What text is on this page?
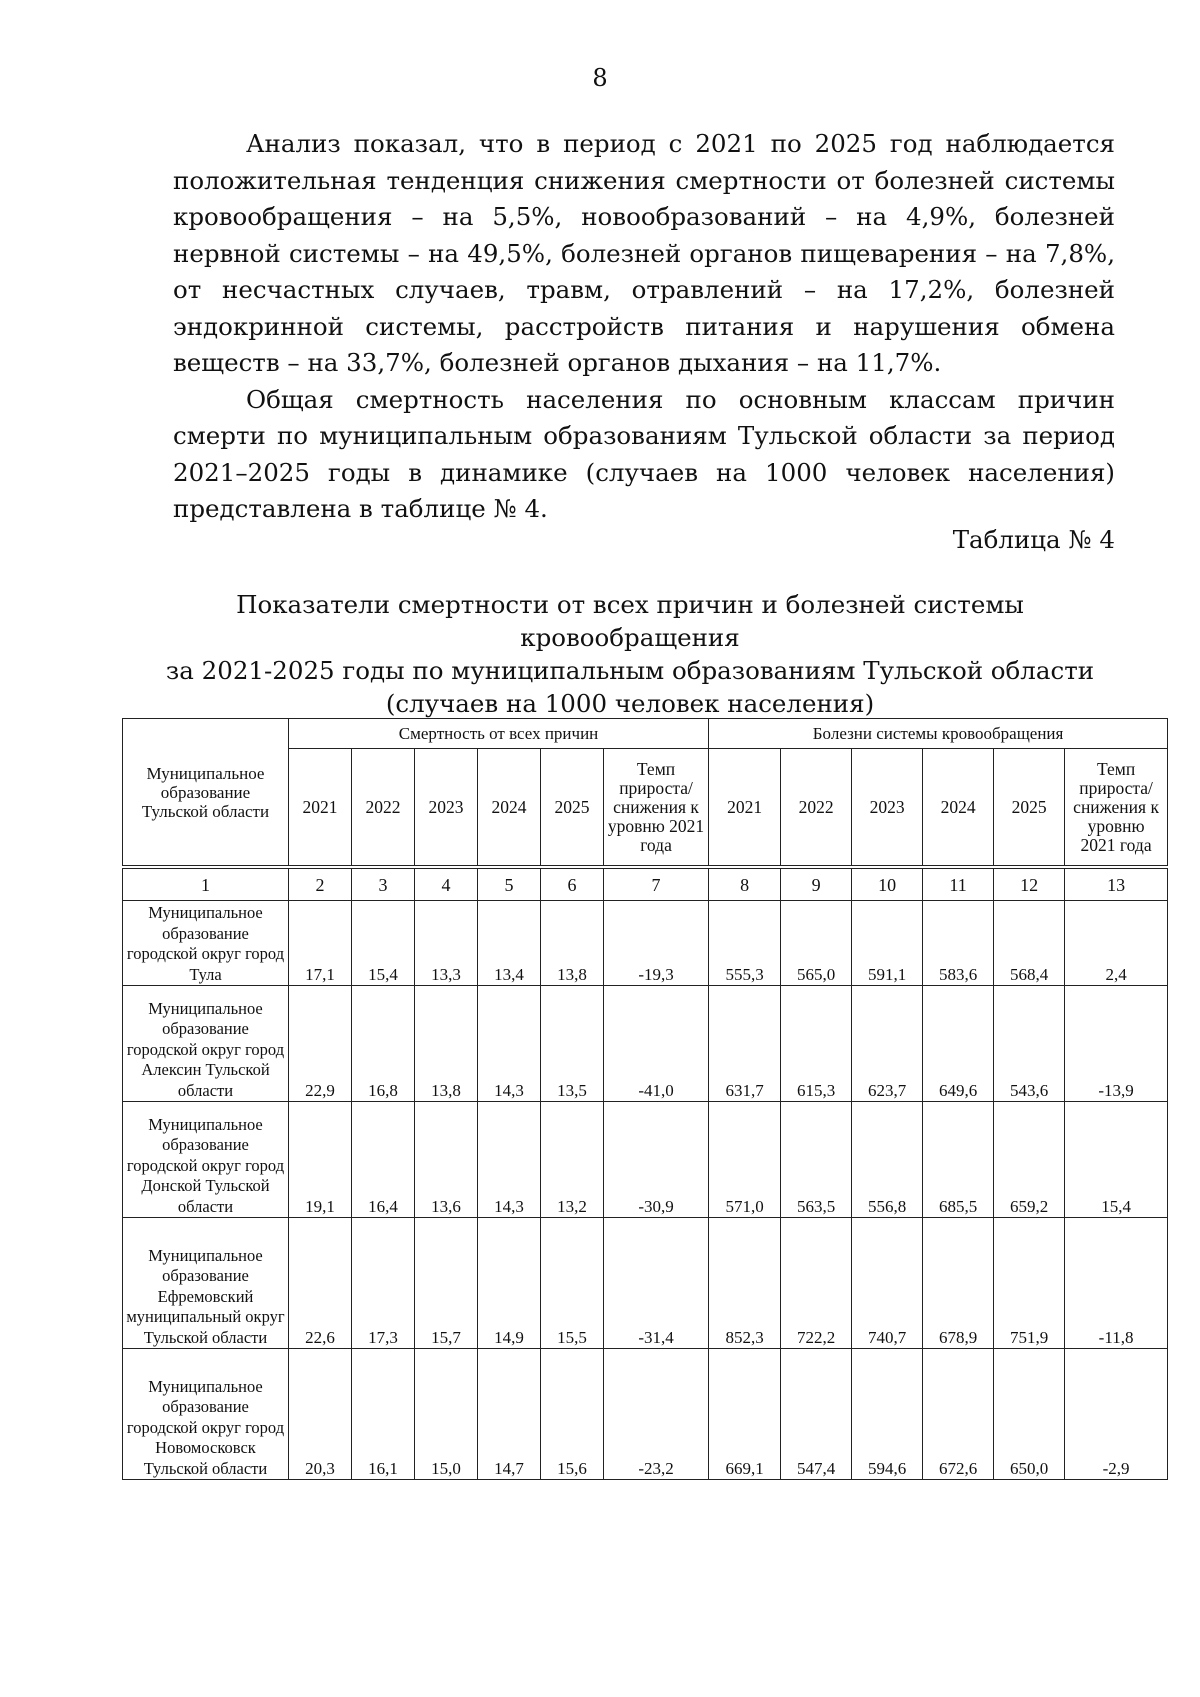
8

Анализ показал, что в период с 2021 по 2025 год наблюдается положительная тенденция снижения смертности от болезней системы кровообращения – на 5,5%, новообразований – на 4,9%, болезней нервной системы – на 49,5%, болезней органов пищеварения – на 7,8%, от несчастных случаев, травм, отравлений – на 17,2%, болезней эндокринной системы, расстройств питания и нарушения обмена веществ – на 33,7%, болезней органов дыхания – на 11,7%.

Общая смертность населения по основным классам причин смерти по муниципальным образованиям Тульской области за период 2021–2025 годы в динамике (случаев на 1000 человек населения) представлена в таблице № 4.

Таблица № 4
Показатели смертности от всех причин и болезней системы кровообращения
за 2021-2025 годы по муниципальным образованиям Тульской области
(случаев на 1000 человек населения)
Муниципальное образование Тульской области	Смертность от всех причин						Болезни системы кровообращения					
	2021	2022	2023	2024	2025	Темп прироста/ снижения к уровню 2021 года	2021	2022	2023	2024	2025	Темп прироста/ снижения к уровню 2021 года
1	2	3	4	5	6	7	8	9	10	11	12	13
Муниципальное образование городской округ город Тула	17,1	15,4	13,3	13,4	13,8	-19,3	555,3	565,0	591,1	583,6	568,4	2,4
Муниципальное образование городской округ город Алексин Тульской области	22,9	16,8	13,8	14,3	13,5	-41,0	631,7	615,3	623,7	649,6	543,6	-13,9
Муниципальное образование городской округ город Донской Тульской области	19,1	16,4	13,6	14,3	13,2	-30,9	571,0	563,5	556,8	685,5	659,2	15,4
Муниципальное образование Ефремовский муниципальный округ Тульской области	22,6	17,3	15,7	14,9	15,5	-31,4	852,3	722,2	740,7	678,9	751,9	-11,8
Муниципальное образование городской округ город Новомосковск Тульской области	20,3	16,1	15,0	14,7	15,6	-23,2	669,1	547,4	594,6	672,6	650,0	-2,9
